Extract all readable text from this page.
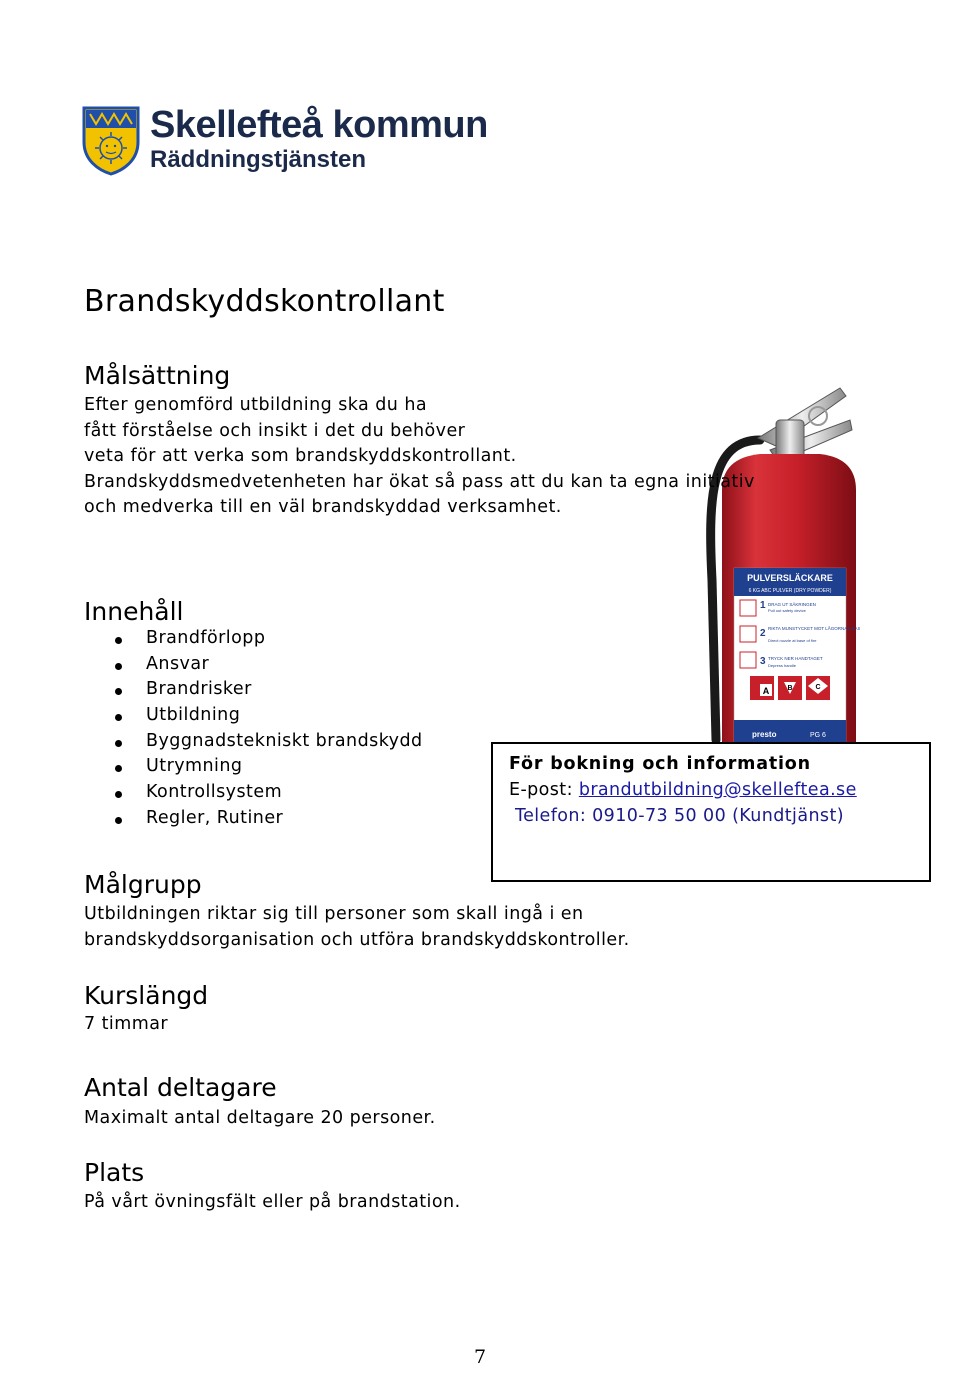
Skellefteå kommun
Räddningstjänsten
Brandskyddskontrollant
PULVERSLÄCKARE
6 KG ABC PULVER (DRY POWDER)
1 DRAG UT SÄKRINGEN
Pull out safety device
2 RIKTA MUNSTYCKET MOT LÅGORNAS BAS
Direct nozzle at base of fire
3 TRYCK NER HANDTAGET
Depress handle
A	B	C
presto	PG 6
Målsättning
Efter genomförd utbildning ska du ha
fått förståelse och insikt i det du behöver
veta för att verka som brandskyddskontrollant.
Brandskyddsmedvetenheten har ökat så pass att du kan ta egna initiativ
och medverka till en väl brandskyddad verksamhet.
Innehåll
Brandförlopp
Ansvar
Brandrisker
Utbildning
Byggnadstekniskt brandskydd
Utrymning
Kontrollsystem
Regler, Rutiner
För bokning och information
E-post: brandutbildning@skelleftea.se
Telefon: 0910-73 50 00 (Kundtjänst)
Målgrupp
Utbildningen riktar sig till personer som skall ingå i en
brandskyddsorganisation och utföra brandskyddskontroller.
Kurslängd
7 timmar
Antal deltagare
Maximalt antal deltagare 20 personer.
Plats
På vårt övningsfält eller på brandstation.
7
